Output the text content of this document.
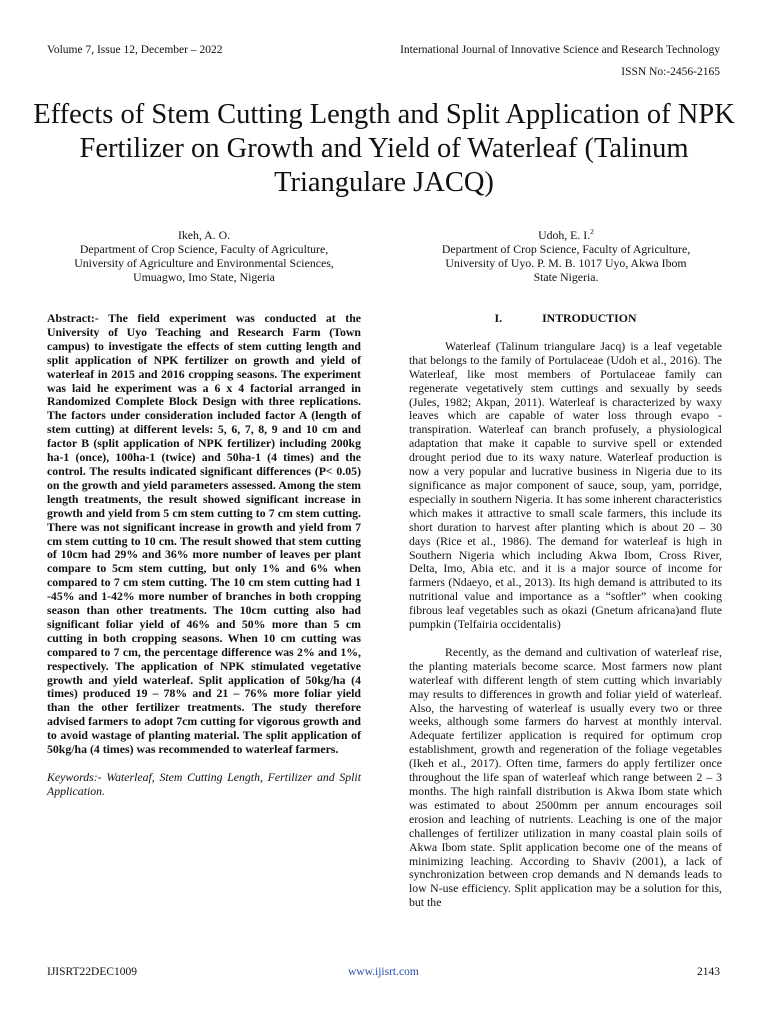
Volume 7, Issue 12, December – 2022	International Journal of Innovative Science and Research Technology
ISSN No:-2456-2165
Effects of Stem Cutting Length and Split Application of NPK Fertilizer on Growth and Yield of Waterleaf (Talinum Triangulare JACQ)
Ikeh, A. O.
Department of Crop Science, Faculty of Agriculture,
University of Agriculture and Environmental Sciences,
Umuagwo, Imo State, Nigeria
Udoh, E. I.$^2$
Department of Crop Science, Faculty of Agriculture,
University of Uyo. P. M. B. 1017 Uyo, Akwa Ibom
State Nigeria.

Abstract:- The field experiment was conducted at the University of Uyo Teaching and Research Farm (Town campus) to investigate the effects of stem cutting length and split application of NPK fertilizer on growth and yield of waterleaf in 2015 and 2016 cropping seasons. The experiment was laid he experiment was a 6 x 4 factorial arranged in Randomized Complete Block Design with three replications. The factors under consideration included factor A (length of stem cutting) at different levels: 5, 6, 7, 8, 9 and 10 cm and factor B (split application of NPK fertilizer) including 200kg ha-1 (once), 100ha-1 (twice) and 50ha-1 (4 times) and the control. The results indicated significant differences (P< 0.05) on the growth and yield parameters assessed. Among the stem length treatments, the result showed significant increase in growth and yield from 5 cm stem cutting to 7 cm stem cutting. There was not significant increase in growth and yield from 7 cm stem cutting to 10 cm. The result showed that stem cutting of 10cm had 29% and 36% more number of leaves per plant compare to 5cm stem cutting, but only 1% and 6% when compared to 7 cm stem cutting. The 10 cm stem cutting had 1 -45% and 1-42% more number of branches in both cropping season than other treatments. The 10cm cutting also had significant foliar yield of 46% and 50% more than 5 cm cutting in both cropping seasons. When 10 cm cutting was compared to 7 cm, the percentage difference was 2% and 1%, respectively. The application of NPK stimulated vegetative growth and yield waterleaf. Split application of 50kg/ha (4 times) produced 19 – 78% and 21 – 76% more foliar yield than the other fertilizer treatments. The study therefore advised farmers to adopt 7cm cutting for vigorous growth and to avoid wastage of planting material. The split application of 50kg/ha (4 times) was recommended to waterleaf farmers.

Keywords:- Waterleaf, Stem Cutting Length, Fertilizer and Split Application.

I.	INTRODUCTION

Waterleaf (Talinum triangulare Jacq) is a leaf vegetable that belongs to the family of Portulaceae (Udoh et al., 2016). The Waterleaf, like most members of Portulaceae family can regenerate vegetatively stem cuttings and sexually by seeds (Jules, 1982; Akpan, 2011). Waterleaf is characterized by waxy leaves which are capable of water loss through evapo -transpiration. Waterleaf can branch profusely, a physiological adaptation that make it capable to survive spell or extended drought period due to its waxy nature. Waterleaf production is now a very popular and lucrative business in Nigeria due to its significance as major component of sauce, soup, yam, porridge, especially in southern Nigeria. It has some inherent characteristics which makes it attractive to small scale farmers, this include its short duration to harvest after planting which is about 20 – 30 days (Rice et al., 1986). The demand for waterleaf is high in Southern Nigeria which including Akwa Ibom, Cross River, Delta, Imo, Abia etc. and it is a major source of income for farmers (Ndaeyo, et al., 2013). Its high demand is attributed to its nutritional value and importance as a “softler” when cooking fibrous leaf vegetables such as okazi (Gnetum africana)and flute pumpkin (Telfairia occidentalis)

Recently, as the demand and cultivation of waterleaf rise, the planting materials become scarce. Most farmers now plant waterleaf with different length of stem cutting which invariably may results to differences in growth and foliar yield of waterleaf. Also, the harvesting of waterleaf is usually every two or three weeks, although some farmers do harvest at monthly interval. Adequate fertilizer application is required for optimum crop establishment, growth and regeneration of the foliage vegetables (Ikeh et al., 2017). Often time, farmers do apply fertilizer once throughout the life span of waterleaf which range between 2 – 3 months. The high rainfall distribution is Akwa Ibom state which was estimated to about 2500mm per annum encourages soil erosion and leaching of nutrients. Leaching is one of the major challenges of fertilizer utilization in many coastal plain soils of Akwa Ibom state. Split application become one of the means of minimizing leaching. According to Shaviv (2001), a lack of synchronization between crop demands and N demands leads to low N-use efficiency. Split application may be a solution for this, but the

IJISRT22DEC1009	www.ijisrt.com	2143
